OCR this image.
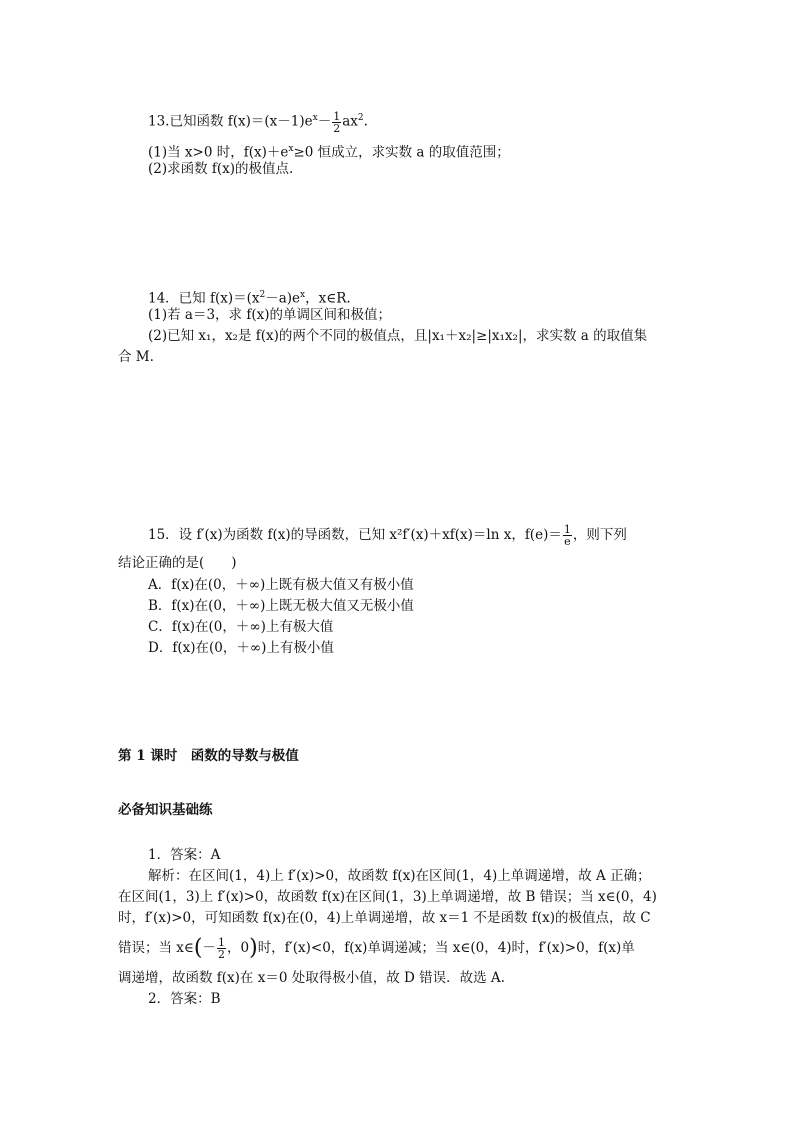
13.已知函数 $f(x)=(x-1)e^x- \frac{1}{2} ax^2$.
(1)当 x>0 时，$f(x)+e^x\ge 0$ 恒成立，求实数 a 的取值范围；
(2)求函数 f(x)的极值点.
14．已知 $f(x)=(x^2-a)e^x$，x∈R.
(1)若 a＝3，求 f(x)的单调区间和极值；
(2)已知 x₁，x₂是 f(x)的两个不同的极值点，且|x₁＋x₂|≥|x₁x₂|，求实数 a 的取值集
合 M.
15．设 f′(x)为函数 f(x)的导函数，已知 x²f′(x)＋xf(x)＝ln x，$f(e)= \frac{1}{e}$ ，则下列
结论正确的是(　　)
A．f(x)在(0，＋∞)上既有极大值又有极小值
B．f(x)在(0，＋∞)上既无极大值又无极小值
C．f(x)在(0，＋∞)上有极大值
D．f(x)在(0，＋∞)上有极小值
第 1 课时　函数的导数与极值
必备知识基础练
1．答案：A
解析：在区间(1，4)上 f′(x)>0，故函数 f(x)在区间(1，4)上单调递增，故 A 正确；
在区间(1，3)上 f′(x)>0，故函数 f(x)在区间(1，3)上单调递增，故 B 错误；当 x∈(0，4)
时，f′(x)>0，可知函数 f(x)在(0，4)上单调递增，故 x＝1 不是函数 f(x)的极值点，故 C
错误；当 x∈(－ $\frac{1}{2}$ ，0)时，f′(x)<0，f(x)单调递减；当 x∈(0，4)时，f′(x)>0，f(x)单
调递增，故函数 f(x)在 x＝0 处取得极小值，故 D 错误．故选 A.
2．答案：B
